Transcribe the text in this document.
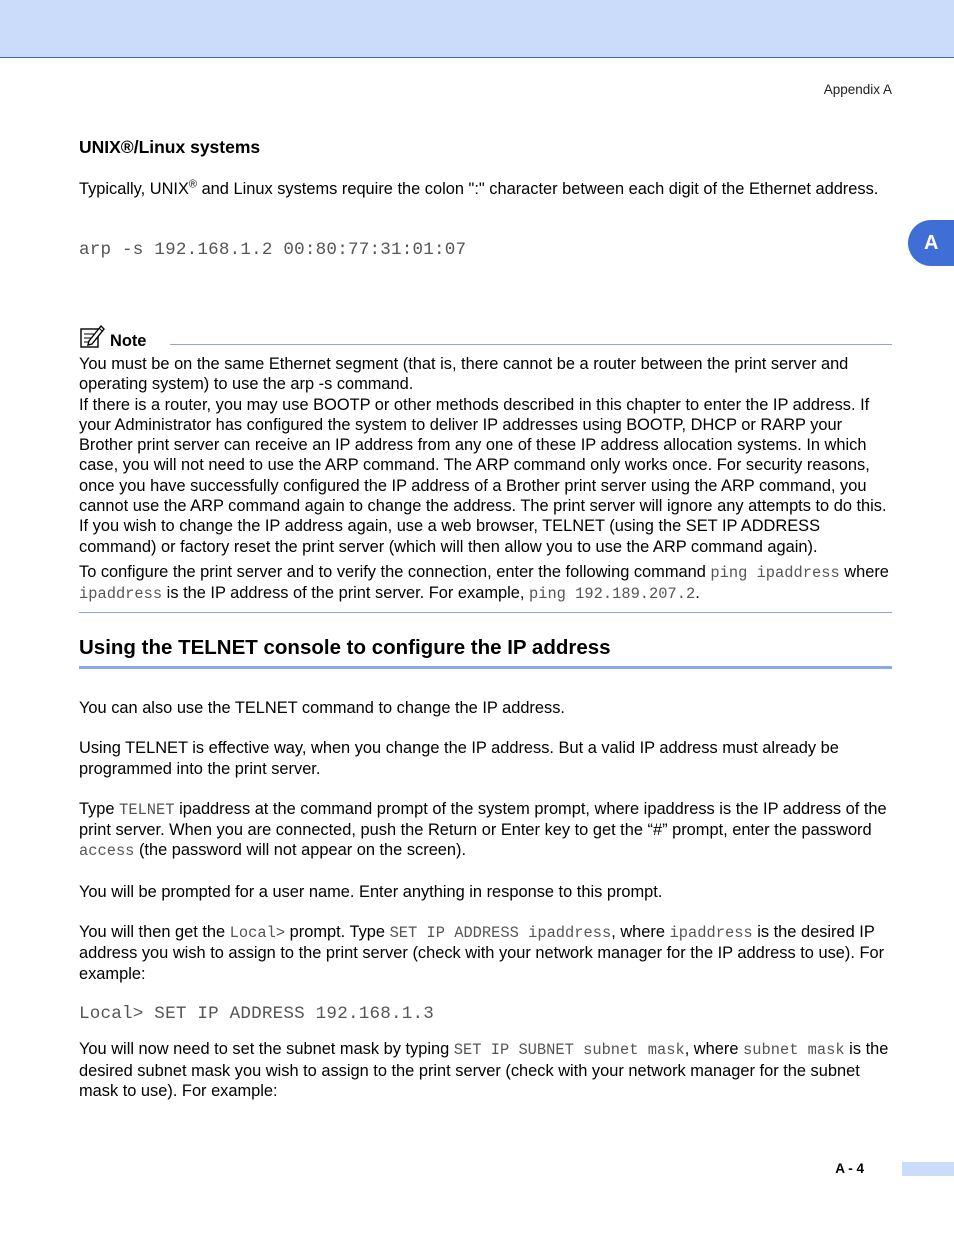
Appendix A
A
UNIX®/Linux systems

Typically, UNIX® and Linux systems require the colon ":" character between each digit of the Ethernet address.

arp -s 192.168.1.2 00:80:77:31:01:07
Note

You must be on the same Ethernet segment (that is, there cannot be a router between the print server and operating system) to use the arp -s command.

If there is a router, you may use BOOTP or other methods described in this chapter to enter the IP address. If your Administrator has configured the system to deliver IP addresses using BOOTP, DHCP or RARP your Brother print server can receive an IP address from any one of these IP address allocation systems. In which case, you will not need to use the ARP command. The ARP command only works once. For security reasons, once you have successfully configured the IP address of a Brother print server using the ARP command, you cannot use the ARP command again to change the address. The print server will ignore any attempts to do this. If you wish to change the IP address again, use a web browser, TELNET (using the SET IP ADDRESS command) or factory reset the print server (which will then allow you to use the ARP command again).

To configure the print server and to verify the connection, enter the following command ping ipaddress where ipaddress is the IP address of the print server. For example, ping 192.189.207.2.

Using the TELNET console to configure the IP address

You can also use the TELNET command to change the IP address.

Using TELNET is effective way, when you change the IP address. But a valid IP address must already be programmed into the print server.

Type TELNET ipaddress at the command prompt of the system prompt, where ipaddress is the IP address of the print server. When you are connected, push the Return or Enter key to get the “#” prompt, enter the password access (the password will not appear on the screen).

You will be prompted for a user name. Enter anything in response to this prompt.

You will then get the Local> prompt. Type SET IP ADDRESS ipaddress, where ipaddress is the desired IP address you wish to assign to the print server (check with your network manager for the IP address to use). For example:

Local> SET IP ADDRESS 192.168.1.3

You will now need to set the subnet mask by typing SET IP SUBNET subnet mask, where subnet mask is the desired subnet mask you wish to assign to the print server (check with your network manager for the subnet mask to use). For example:

A - 4
